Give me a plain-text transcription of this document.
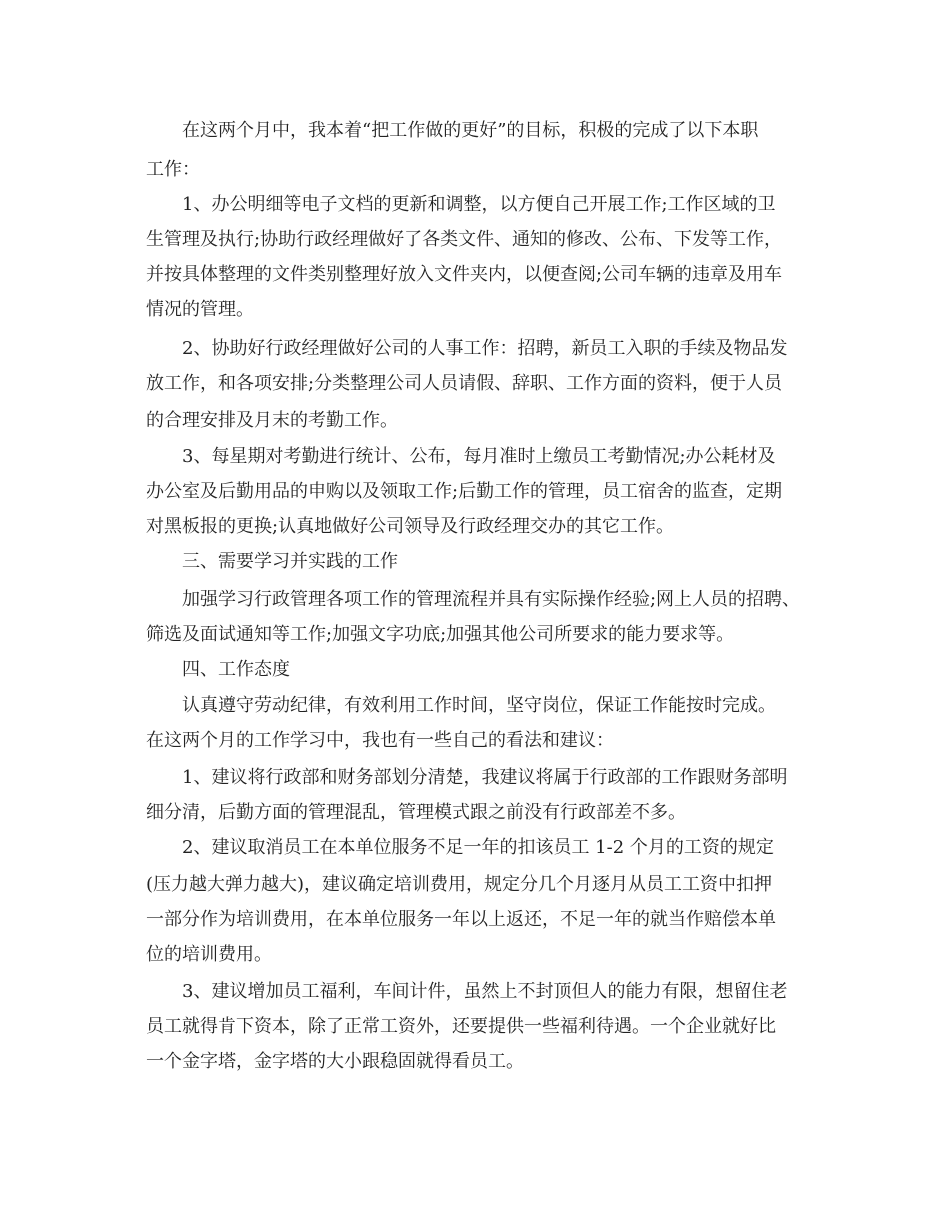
在这两个月中，我本着“把工作做的更好”的目标，积极的完成了以下本职
工作：
1、办公明细等电子文档的更新和调整，以方便自己开展工作;工作区域的卫
生管理及执行;协助行政经理做好了各类文件、通知的修改、公布、下发等工作，
并按具体整理的文件类别整理好放入文件夹内，以便查阅;公司车辆的违章及用车
情况的管理。
2、协助好行政经理做好公司的人事工作：招聘，新员工入职的手续及物品发
放工作，和各项安排;分类整理公司人员请假、辞职、工作方面的资料，便于人员
的合理安排及月末的考勤工作。
3、每星期对考勤进行统计、公布，每月准时上缴员工考勤情况;办公耗材及
办公室及后勤用品的申购以及领取工作;后勤工作的管理，员工宿舍的监查，定期
对黑板报的更换;认真地做好公司领导及行政经理交办的其它工作。
三、需要学习并实践的工作
加强学习行政管理各项工作的管理流程并具有实际操作经验;网上人员的招聘、
筛选及面试通知等工作;加强文字功底;加强其他公司所要求的能力要求等。
四、工作态度
认真遵守劳动纪律，有效利用工作时间，坚守岗位，保证工作能按时完成。
在这两个月的工作学习中，我也有一些自己的看法和建议：
1、建议将行政部和财务部划分清楚，我建议将属于行政部的工作跟财务部明
细分清，后勤方面的管理混乱，管理模式跟之前没有行政部差不多。
2、建议取消员工在本单位服务不足一年的扣该员工 1-2 个月的工资的规定
(压力越大弹力越大)，建议确定培训费用，规定分几个月逐月从员工工资中扣押
一部分作为培训费用，在本单位服务一年以上返还，不足一年的就当作赔偿本单
位的培训费用。
3、建议增加员工福利，车间计件，虽然上不封顶但人的能力有限，想留住老
员工就得肯下资本，除了正常工资外，还要提供一些福利待遇。一个企业就好比
一个金字塔，金字塔的大小跟稳固就得看员工。
